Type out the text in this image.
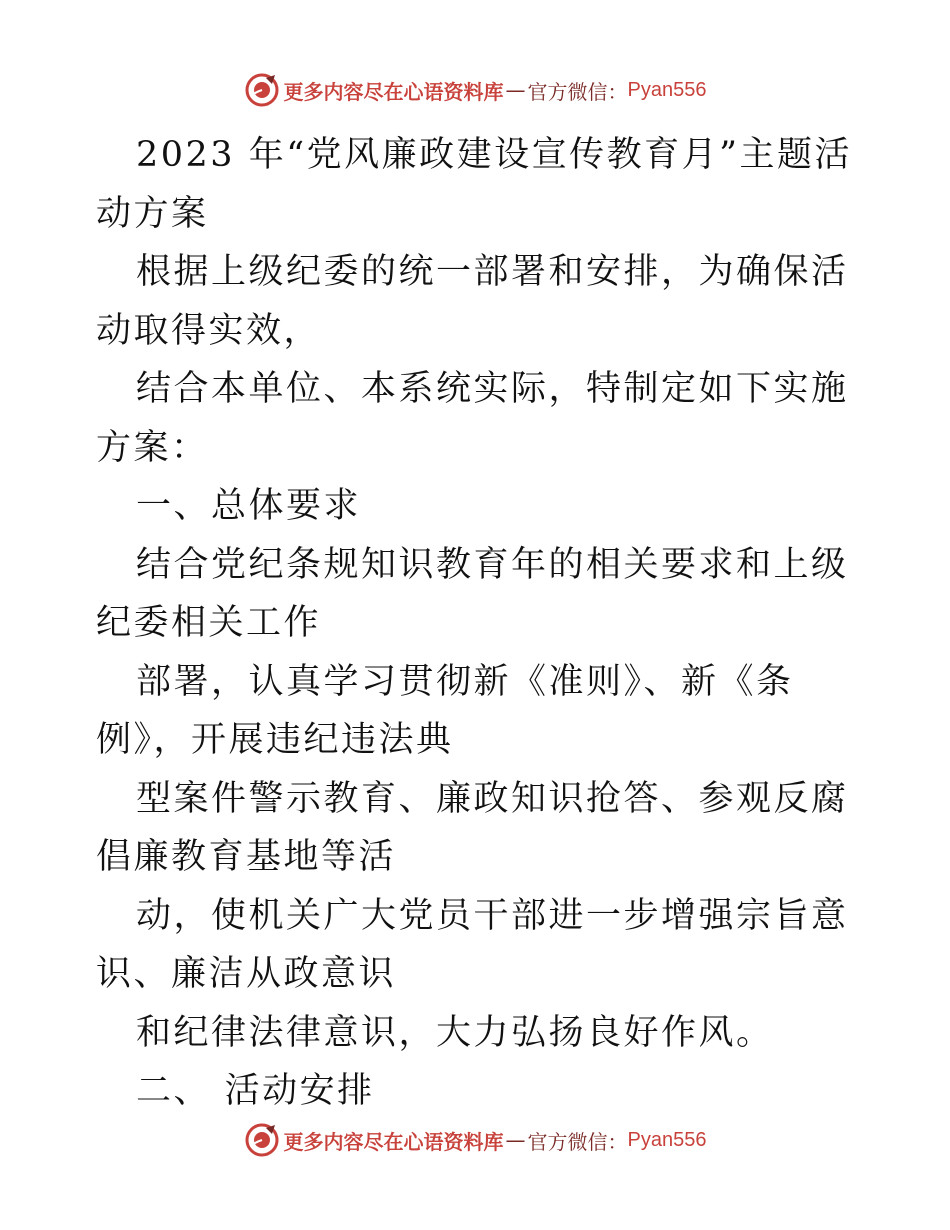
更多内容尽在心语资料库 — 官方微信： Pyan556

2023 年“党风廉政建设宣传教育月”主题活动方案

根据上级纪委的统一部署和安排，为确保活动取得实效，

结合本单位、本系统实际，特制定如下实施方案：

一、总体要求

结合党纪条规知识教育年的相关要求和上级纪委相关工作

部署，认真学习贯彻新《准则》、新《条例》，开展违纪违法典

型案件警示教育、廉政知识抢答、参观反腐倡廉教育基地等活

动，使机关广大党员干部进一步增强宗旨意识、廉洁从政意识

和纪律法律意识，大力弘扬良好作风。

二、 活动安排

更多内容尽在心语资料库 — 官方微信： Pyan556
